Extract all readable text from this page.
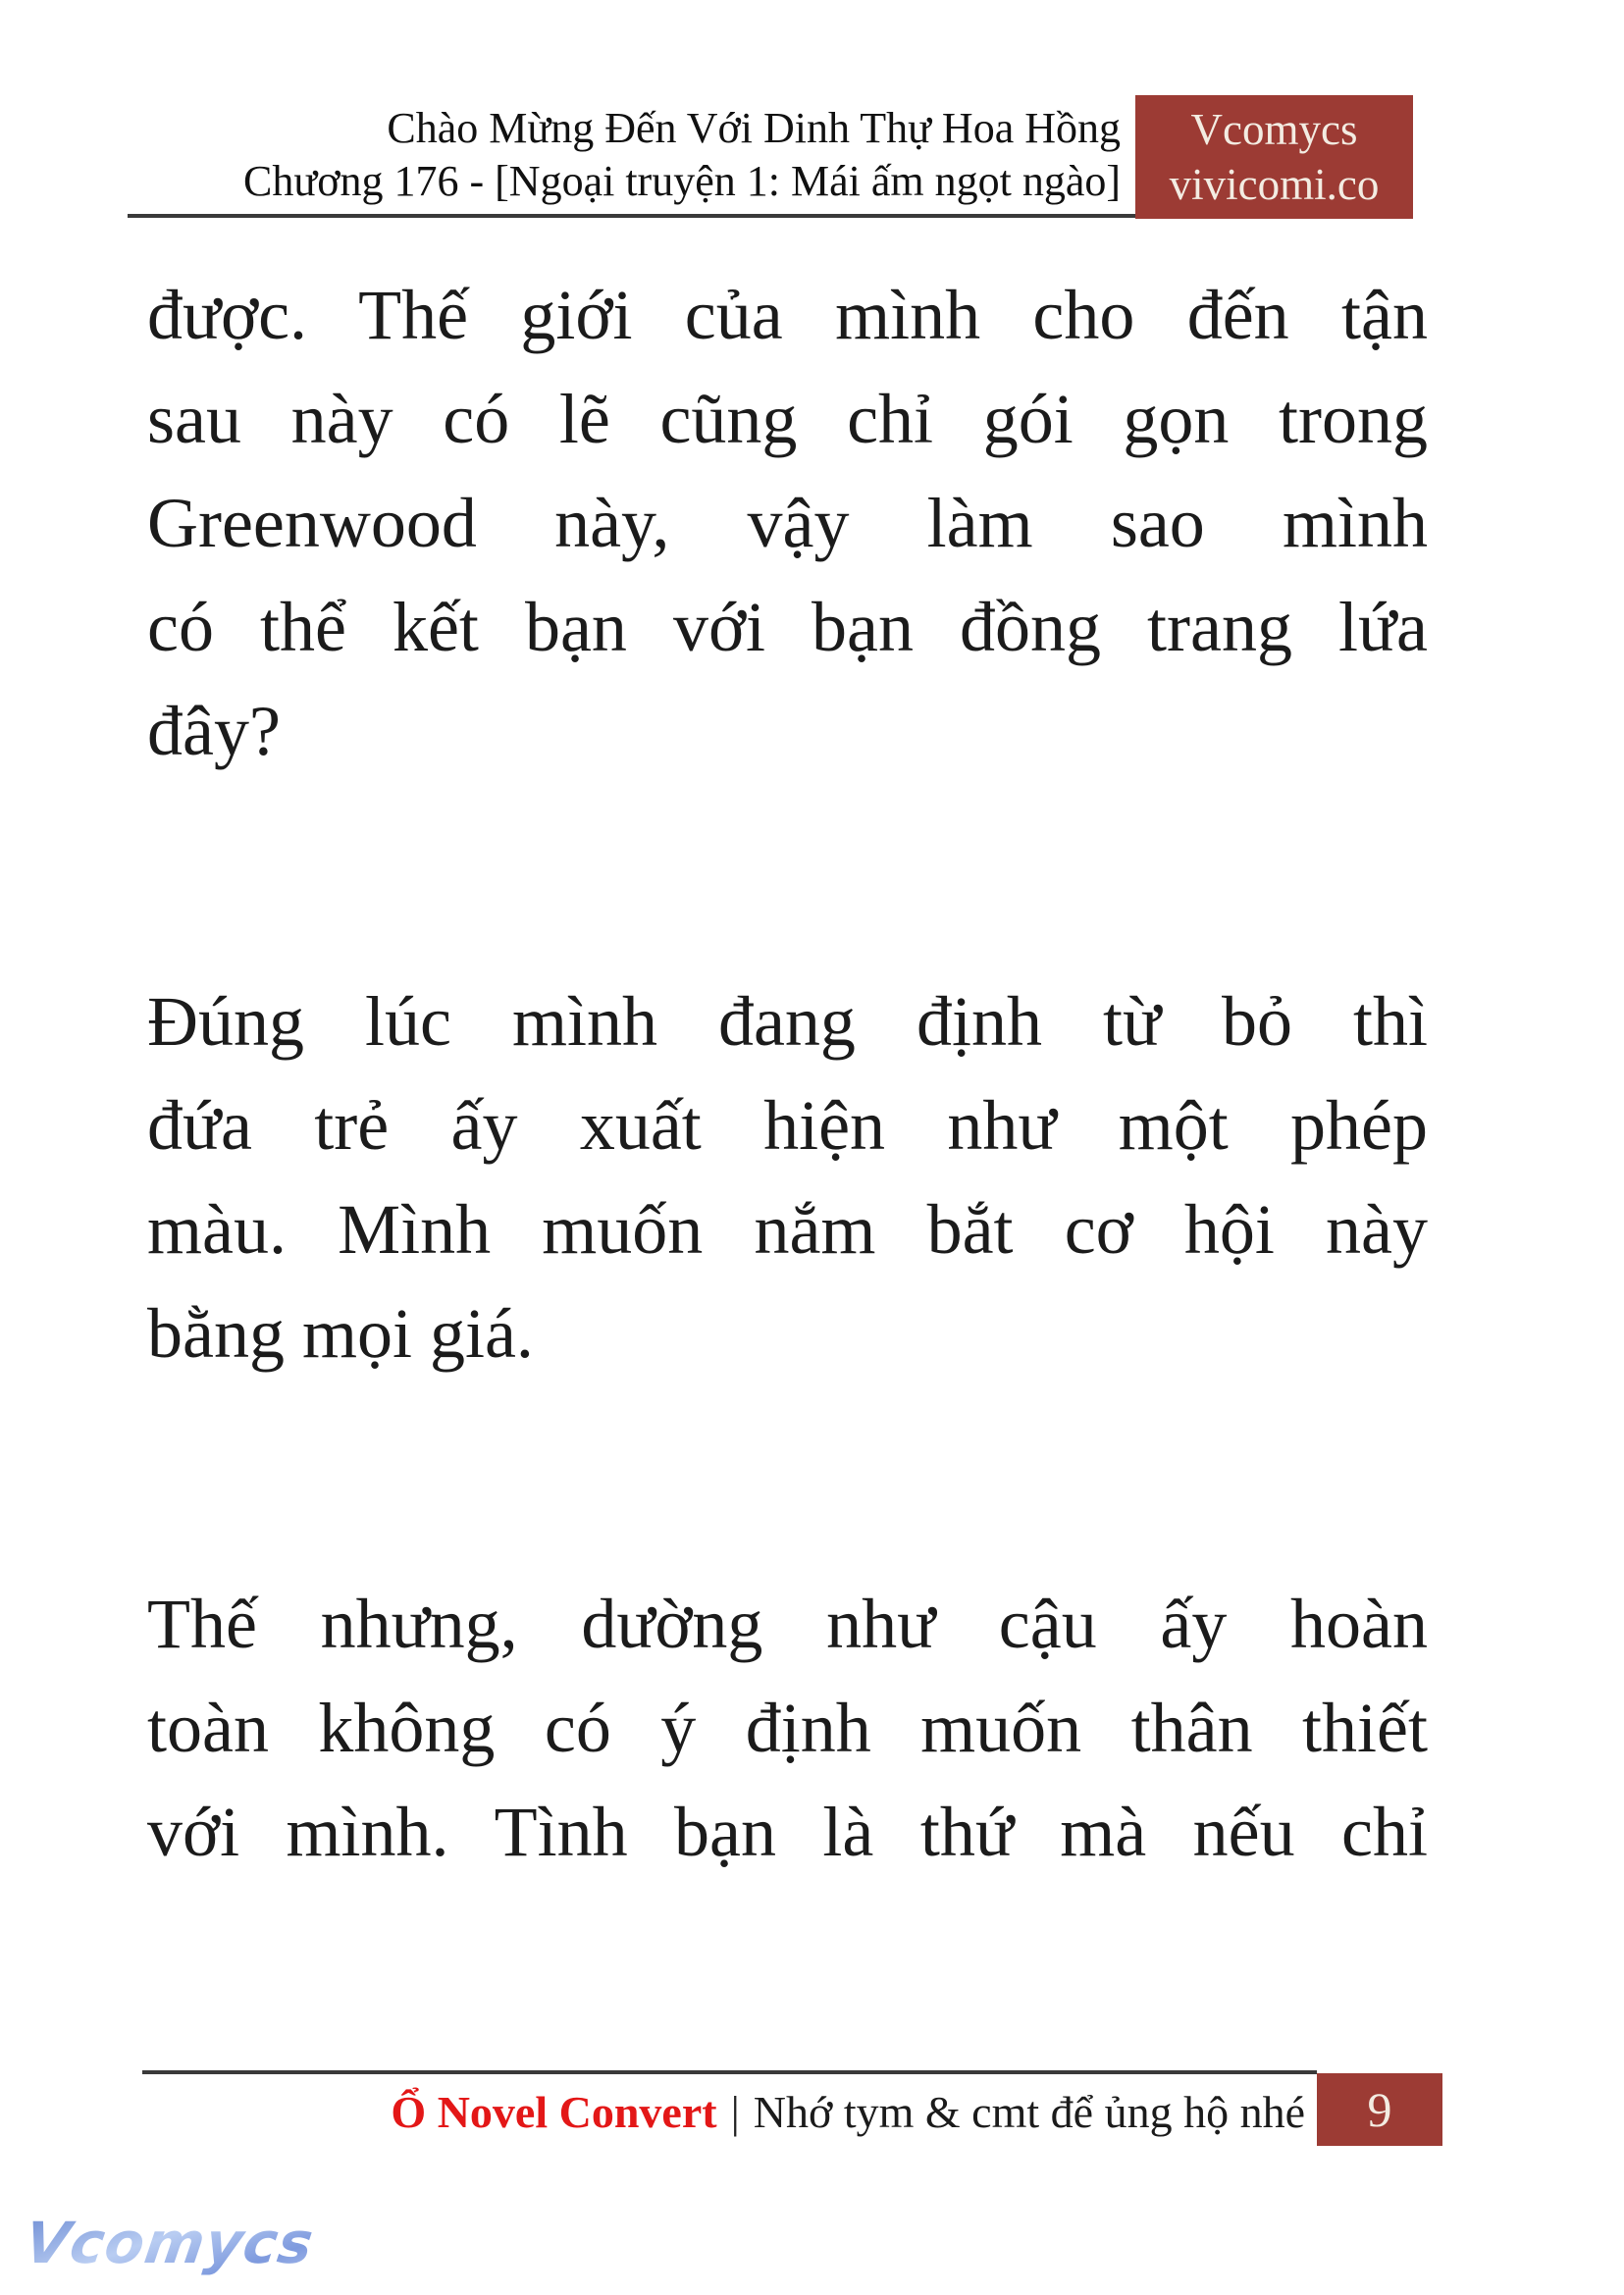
Chào Mừng Đến Với Dinh Thự Hoa Hồng
Chương 176 - [Ngoại truyện 1: Mái ấm ngọt ngào]
Vcomycs
vivicomi.co
được. Thế giới của mình cho đến tận
sau này có lẽ cũng chỉ gói gọn trong
Greenwood này, vậy làm sao mình
có thể kết bạn với bạn đồng trang lứa
đây?
Đúng lúc mình đang định từ bỏ thì
đứa trẻ ấy xuất hiện như một phép
màu. Mình muốn nắm bắt cơ hội này
bằng mọi giá.
Thế nhưng, dường như cậu ấy hoàn
toàn không có ý định muốn thân thiết
với mình. Tình bạn là thứ mà nếu chỉ
Ổ Novel Convert | Nhớ tym & cmt để ủng hộ nhé 9
Vcomycs
